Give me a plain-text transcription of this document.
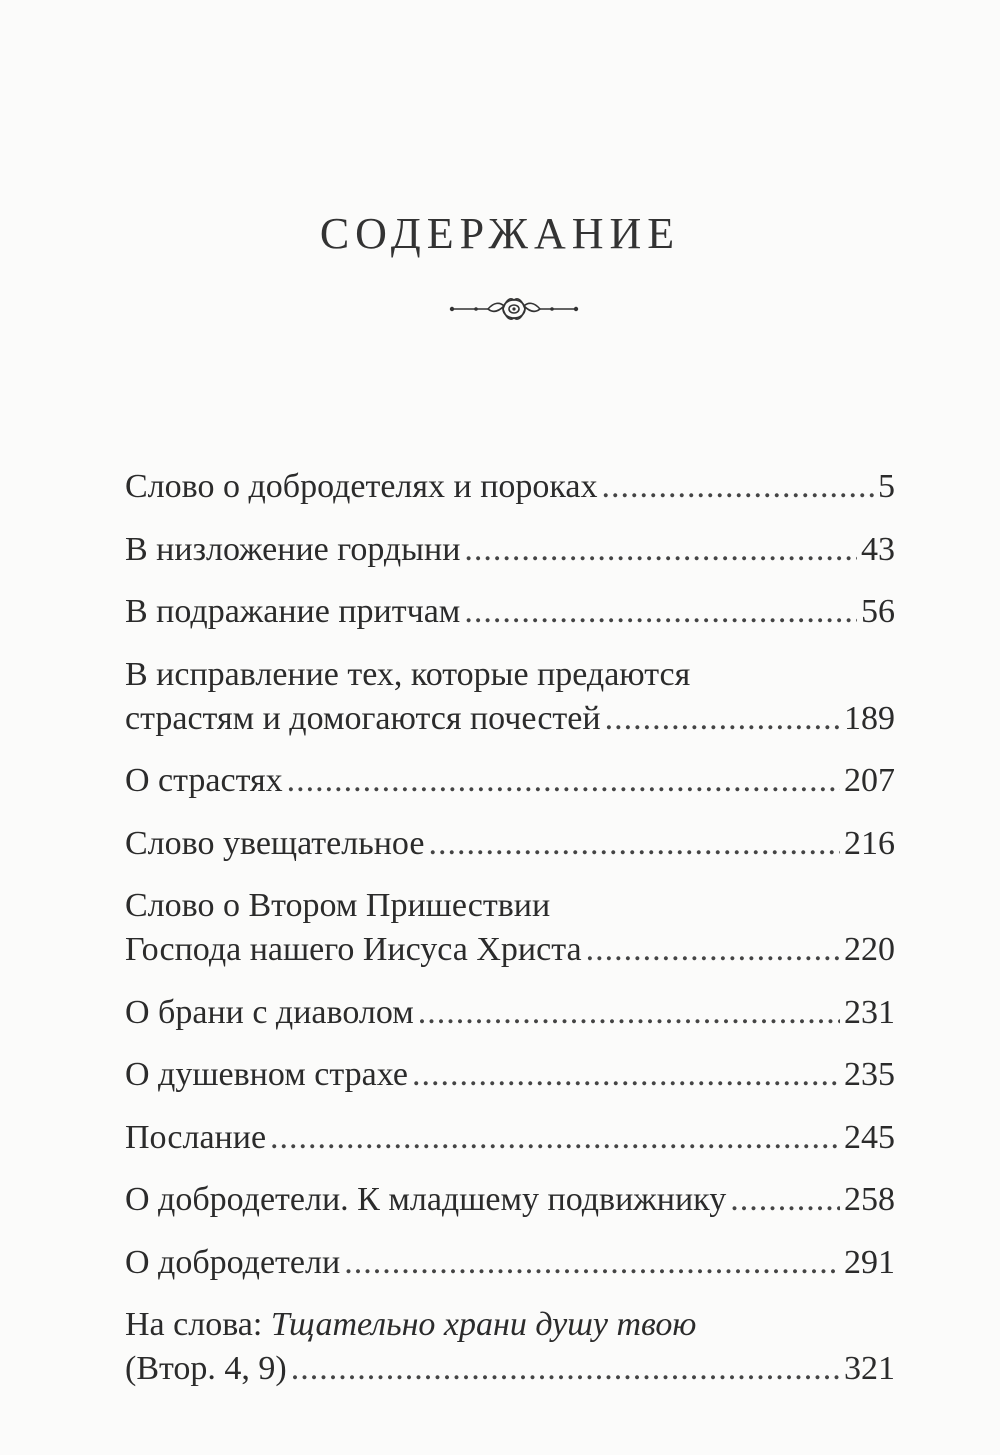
СОДЕРЖАНИЕ
Слово о добродетелях и пороках .....	5
В низложение гордыни .....	43
В подражание притчам .....	56
В исправление тех, которые предаются
страстям и домогаются почестей .....	189
О страстях .....	207
Слово увещательное .....	216
Слово о Втором Пришествии
Господа нашего Иисуса Христа .....	220
О брани с диаволом .....	231
О душевном страхе .....	235
Послание .....	245
О добродетели. К младшему подвижнику .....	258
О добродетели .....	291
На слова: Тщательно храни душу твою
(Втор. 4, 9) .....	321
